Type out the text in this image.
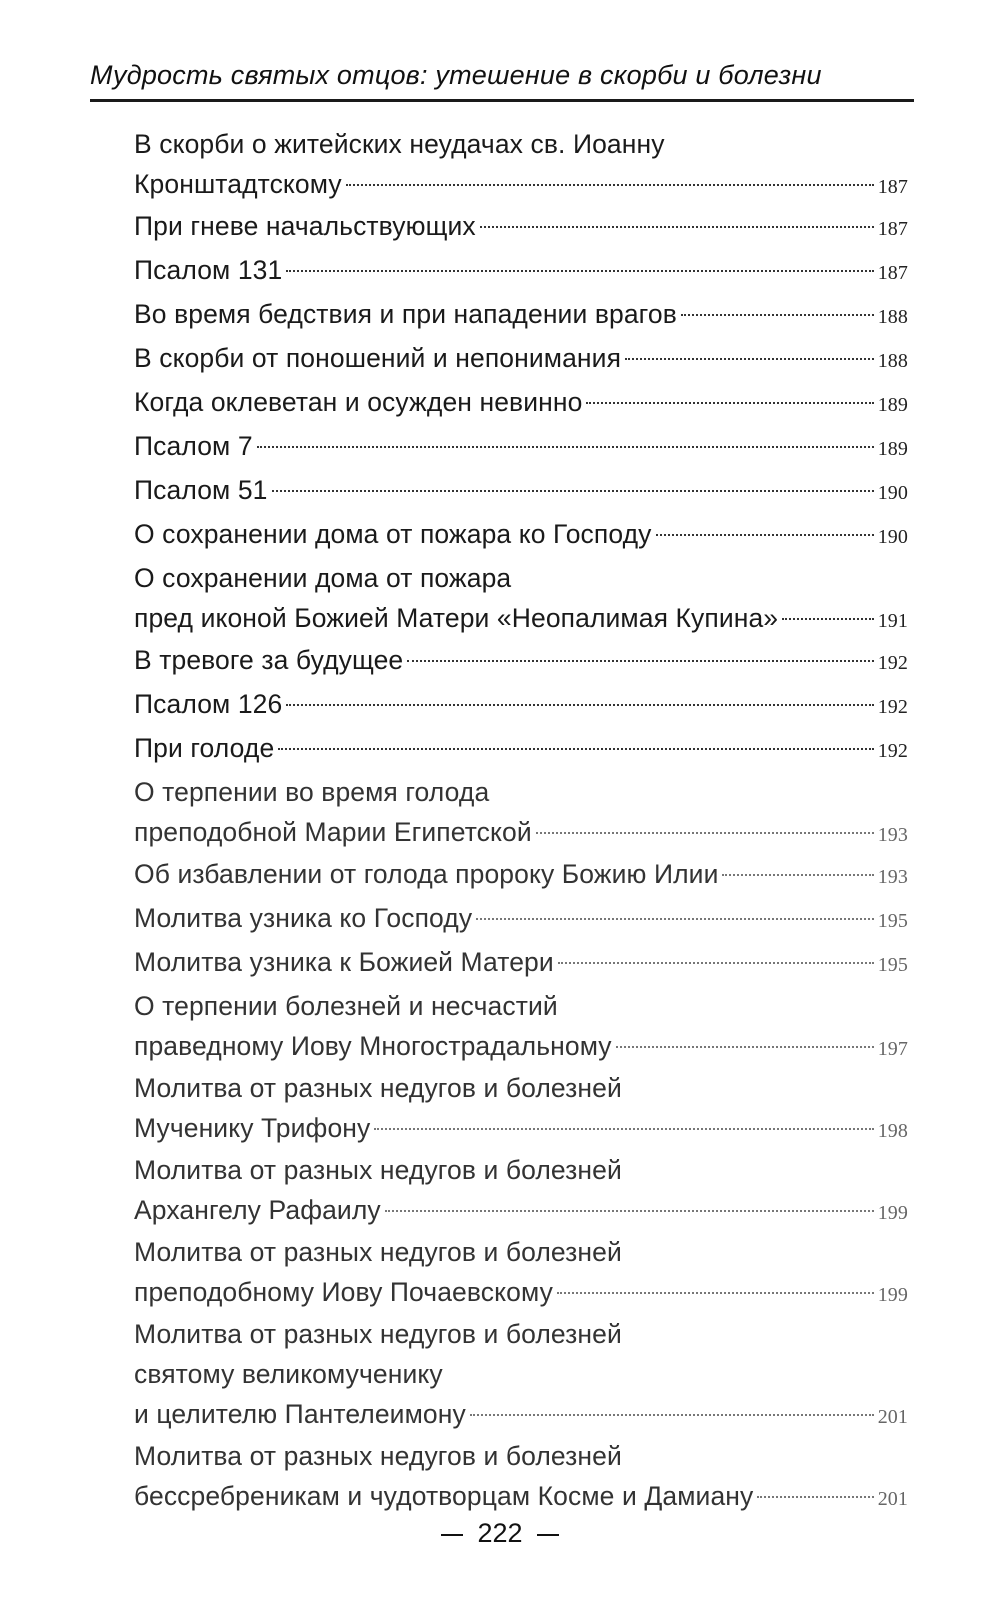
Мудрость святых отцов: утешение в скорби и болезни
В скорби о житейских неудачах св. Иоанну
Кронштадтскому	187
При гневе начальствующих	187
Псалом 131	187
Во время бедствия и при нападении врагов	188
В скорби от поношений и непонимания	188
Когда оклеветан и осужден невинно	189
Псалом 7	189
Псалом 51	190
О сохранении дома от пожара ко Господу	190
О сохранении дома от пожара
пред иконой Божией Матери «Неопалимая Купина»	191
В тревоге за будущее	192
Псалом 126	192
При голоде	192
О терпении во время голода
преподобной Марии Египетской	193
Об избавлении от голода пророку Божию Илии	193
Молитва узника ко Господу	195
Молитва узника к Божией Матери	195
О терпении болезней и несчастий
праведному Иову Многострадальному	197
Молитва от разных недугов и болезней
Мученику Трифону	198
Молитва от разных недугов и болезней
Архангелу Рафаилу	199
Молитва от разных недугов и болезней
преподобному Иову Почаевскому	199
Молитва от разных недугов и болезней
святому великомученику
и целителю Пантелеимону	201
Молитва от разных недугов и болезней
бессребреникам и чудотворцам Косме и Дамиану	201
222
